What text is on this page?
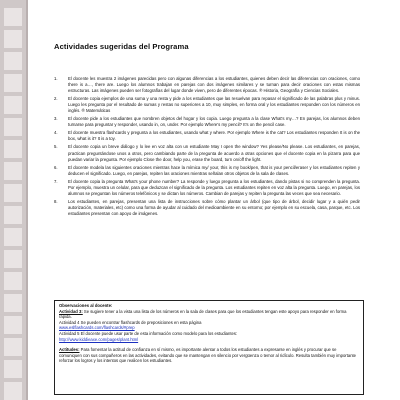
Actividades sugeridas del Programa
1. El docente les muestra 2 imágenes parecidas pero con algunas diferencias a los estudiantes, quienes deben decir las diferencias con oraciones, como there is a…, there are. Luego los alumnos trabajan en parejas con dos imágenes similares y se turnan para decir oraciones con estas mismas estructuras. Las imágenes pueden ser fotografías del lugar donde viven, pero de diferentes épocas. ® Historia, Geografía y Ciencias Sociales.
2. El docente copia ejemplos de una suma y una resta y pide a los estudiantes que las resuelvan para repasar el significado de las palabras plus y minus. Luego les pregunta por el resultado de sumas y restas no superiores a 10, muy simples, en forma oral y los estudiantes responden con los números en inglés. ® Matemáticas
3. El docente pide a los estudiantes que nombren objetos del hogar y los copia. Luego pregunta a la clase What's my…? En parejas, los alumnos deben turnarse para preguntar y responder, usando in, on, under. Por ejemplo Where's my pencil? It's on the pencil case.
4. El docente muestra flashcards y pregunta a los estudiantes, usando what y where. Por ejemplo Where is the cat? Los estudiantes responden It is on the box, what is it? It is a toy.
5. El docente copia un breve diálogo y lo lee en voz alta con un estudiante May I open the window? Yes please/No please. Los estudiantes, en parejas, practican preguntándose unos a otros, pero cambiando parte de la pregunta de acuerdo a otras opciones que el docente copia en la pizarra para que puedan variar la pregunta. Por ejemplo Close the door, help you, erase the board, turn on/off the light.
6. El docente modela las siguientes oraciones mientras hace la mímica my/ your, this is my book/pen, that is your pencil/eraser y los estudiantes repiten y deducen el significado. Luego, en parejas, repiten las oraciones mientras señalan otros objetos de la sala de clases.
7. El docente copia la pregunta What's your phone number? La responde y luego pregunta a los estudiantes, dando pistas si no comprenden la pregunta. Por ejemplo, muestra un celular, para que deduzcan el significado de la pregunta. Los estudiantes repiten en voz alta la pregunta. Luego, en parejas, los alumnos se preguntan los números telefónicos y se dictan los números. Cambian de parejas y repiten la pregunta las veces que sea necesario.
8. Los estudiantes, en parejas, presentan una lista de instrucciones sobre cómo plantar un árbol (que tipo de árbol, decidir lugar y a quién pedir autorización, materiales, etc) como una forma de ayudar al cuidado del medioambiente en su entorno; por ejemplo en su escuela, casa, parque, etc. Los estudiantes presentan con apoyo de imágenes.

Observaciones al docente:

Actividad 3: Se sugiere tener a la vista una lista de los números en la sala de clases para que los estudiantes tengan este apoyo para responder en forma rápida.

Actividad 4 Se pueden encontrar flashcards de preposiciones en esta página

www.eslflashcards.com/flashcards/#prep

Actividad 5 El docente puede usar parte de esta información como modelo para los estudiantes:

http://www.kiddieaxe.com/pages/plant.html

Actitudes: Para fomentar la actitud de confianza en sí mismo, es importante alentar a todos los estudiantes a expresarse en inglés y procurar que se comuniquen con sus compañeros en las actividades, evitando que se mantengan en silencio por vergüenza o temor al ridículo. Resulta también muy importante reforzar los logros y los intentos que realicen los estudiantes.
